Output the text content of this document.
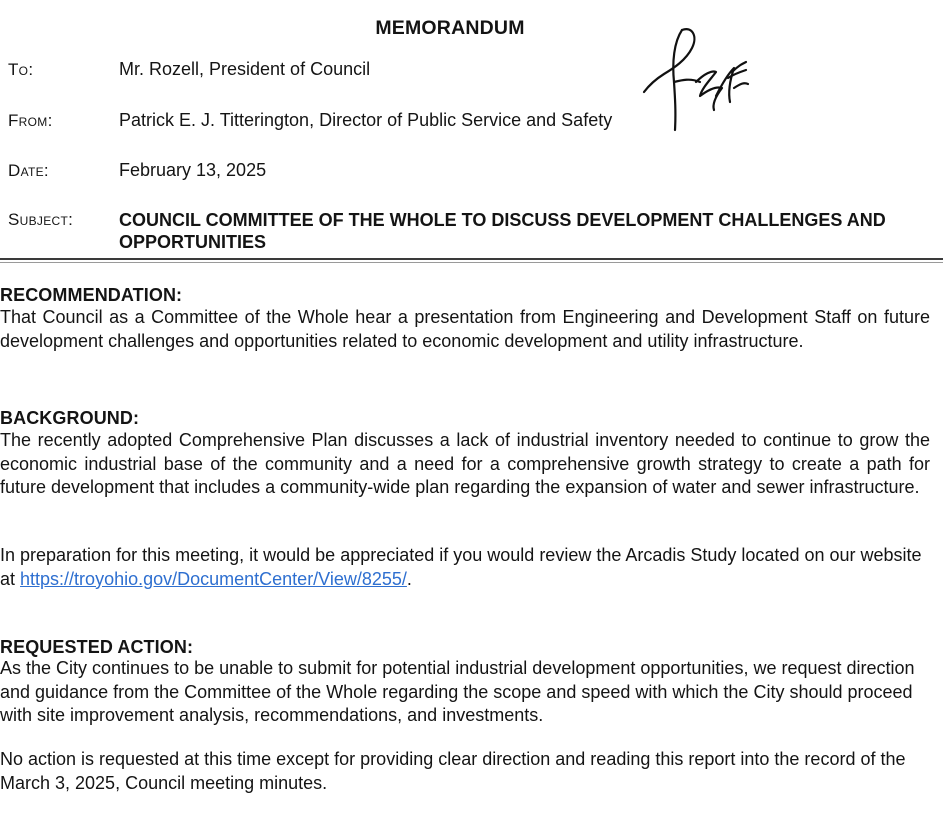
MEMORANDUM
To:	Mr. Rozell, President of Council
From:	Patrick E. J. Titterington, Director of Public Service and Safety
Date:	February 13, 2025
Subject:	COUNCIL COMMITTEE OF THE WHOLE TO DISCUSS DEVELOPMENT CHALLENGES AND OPPORTUNITIES
RECOMMENDATION:
That Council as a Committee of the Whole hear a presentation from Engineering and Development Staff on future development challenges and opportunities related to economic development and utility infrastructure.
BACKGROUND:
The recently adopted Comprehensive Plan discusses a lack of industrial inventory needed to continue to grow the economic industrial base of the community and a need for a comprehensive growth strategy to create a path for future development that includes a community-wide plan regarding the expansion of water and sewer infrastructure.
In preparation for this meeting, it would be appreciated if you would review the Arcadis Study located on our website at https://troyohio.gov/DocumentCenter/View/8255/.
REQUESTED ACTION:
As the City continues to be unable to submit for potential industrial development opportunities, we request direction and guidance from the Committee of the Whole regarding the scope and speed with which the City should proceed with site improvement analysis, recommendations, and investments.
No action is requested at this time except for providing clear direction and reading this report into the record of the March 3, 2025, Council meeting minutes.
